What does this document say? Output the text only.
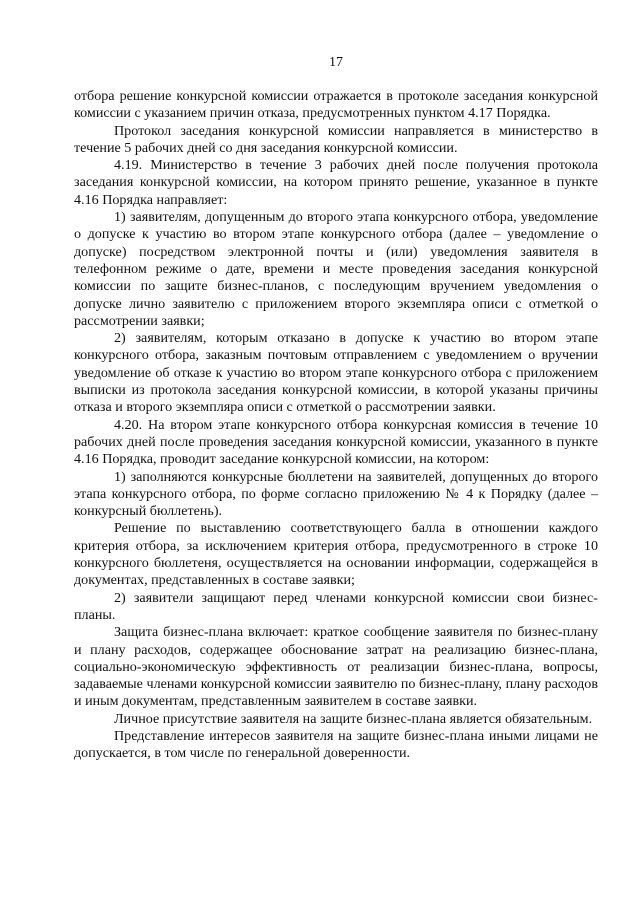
17

отбора решение конкурсной комиссии отражается в протоколе заседания конкурсной комиссии с указанием причин отказа, предусмотренных пунктом 4.17 Порядка.

Протокол заседания конкурсной комиссии направляется в министерство в течение 5 рабочих дней со дня заседания конкурсной комиссии.

4.19. Министерство в течение 3 рабочих дней после получения протокола заседания конкурсной комиссии, на котором принято решение, указанное в пункте 4.16 Порядка направляет:

1) заявителям, допущенным до второго этапа конкурсного отбора, уведомление о допуске к участию во втором этапе конкурсного отбора (далее – уведомление о допуске) посредством электронной почты и (или) уведомления заявителя в телефонном режиме о дате, времени и месте проведения заседания конкурсной комиссии по защите бизнес-планов, с последующим вручением уведомления о допуске лично заявителю с приложением второго экземпляра описи с отметкой о рассмотрении заявки;

2) заявителям, которым отказано в допуске к участию во втором этапе конкурсного отбора, заказным почтовым отправлением с уведомлением о вручении уведомление об отказе к участию во втором этапе конкурсного отбора с приложением выписки из протокола заседания конкурсной комиссии, в которой указаны причины отказа и второго экземпляра описи с отметкой о рассмотрении заявки.

4.20. На втором этапе конкурсного отбора конкурсная комиссия в течение 10 рабочих дней после проведения заседания конкурсной комиссии, указанного в пункте 4.16 Порядка, проводит заседание конкурсной комиссии, на котором:

1) заполняются конкурсные бюллетени на заявителей, допущенных до второго этапа конкурсного отбора, по форме согласно приложению № 4 к Порядку (далее – конкурсный бюллетень).

Решение по выставлению соответствующего балла в отношении каждого критерия отбора, за исключением критерия отбора, предусмотренного в строке 10 конкурсного бюллетеня, осуществляется на основании информации, содержащейся в документах, представленных в составе заявки;

2) заявители защищают перед членами конкурсной комиссии свои бизнес-планы.

Защита бизнес-плана включает: краткое сообщение заявителя по бизнес-плану и плану расходов, содержащее обоснование затрат на реализацию бизнес-плана, социально-экономическую эффективность от реализации бизнес-плана, вопросы, задаваемые членами конкурсной комиссии заявителю по бизнес-плану, плану расходов и иным документам, представленным заявителем в составе заявки.

Личное присутствие заявителя на защите бизнес-плана является обязательным.

Представление интересов заявителя на защите бизнес-плана иными лицами не допускается, в том числе по генеральной доверенности.
